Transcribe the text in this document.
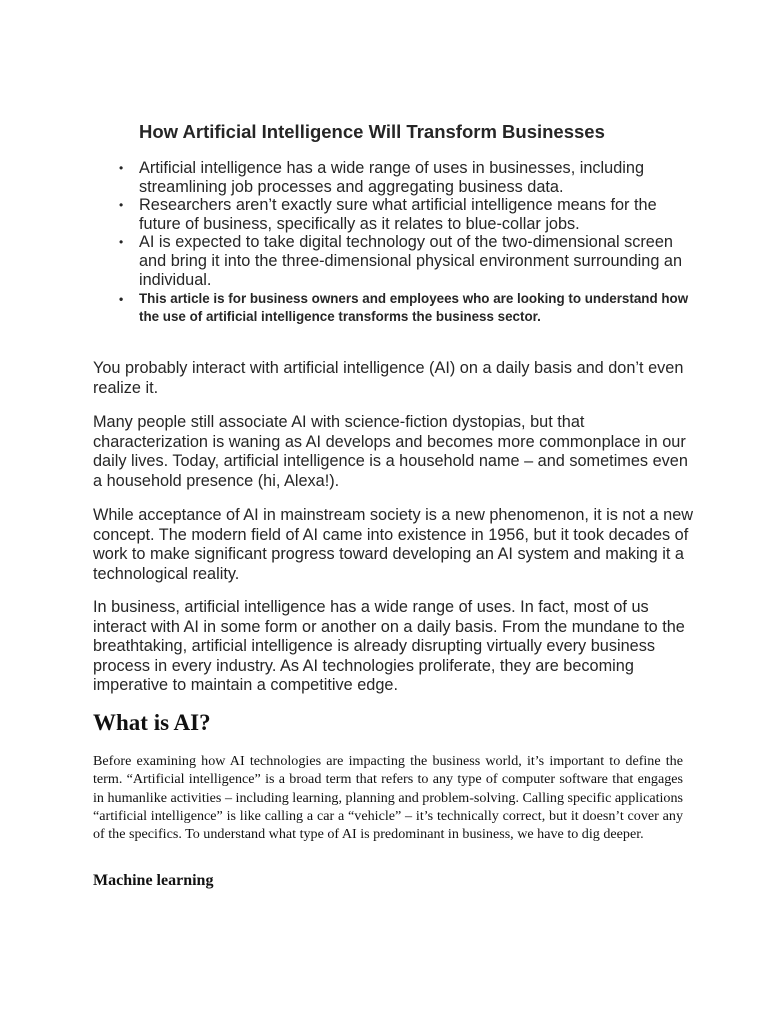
How Artificial Intelligence Will Transform Businesses
• Artificial intelligence has a wide range of uses in businesses, including streamlining job processes and aggregating business data.
• Researchers aren’t exactly sure what artificial intelligence means for the future of business, specifically as it relates to blue-collar jobs.
• AI is expected to take digital technology out of the two-dimensional screen and bring it into the three-dimensional physical environment surrounding an individual.
• This article is for business owners and employees who are looking to understand how the use of artificial intelligence transforms the business sector.

You probably interact with artificial intelligence (AI) on a daily basis and don’t even realize it.

Many people still associate AI with science-fiction dystopias, but that characterization is waning as AI develops and becomes more commonplace in our daily lives. Today, artificial intelligence is a household name – and sometimes even a household presence (hi, Alexa!).

While acceptance of AI in mainstream society is a new phenomenon, it is not a new concept. The modern field of AI came into existence in 1956, but it took decades of work to make significant progress toward developing an AI system and making it a technological reality.

In business, artificial intelligence has a wide range of uses. In fact, most of us interact with AI in some form or another on a daily basis. From the mundane to the breathtaking, artificial intelligence is already disrupting virtually every business process in every industry. As AI technologies proliferate, they are becoming imperative to maintain a competitive edge.

What is AI?

Before examining how AI technologies are impacting the business world, it’s important to define the term. “Artificial intelligence” is a broad term that refers to any type of computer software that engages in humanlike activities – including learning, planning and problem-solving. Calling specific applications “artificial intelligence” is like calling a car a “vehicle” – it’s technically correct, but it doesn’t cover any of the specifics. To understand what type of AI is predominant in business, we have to dig deeper.

Machine learning
